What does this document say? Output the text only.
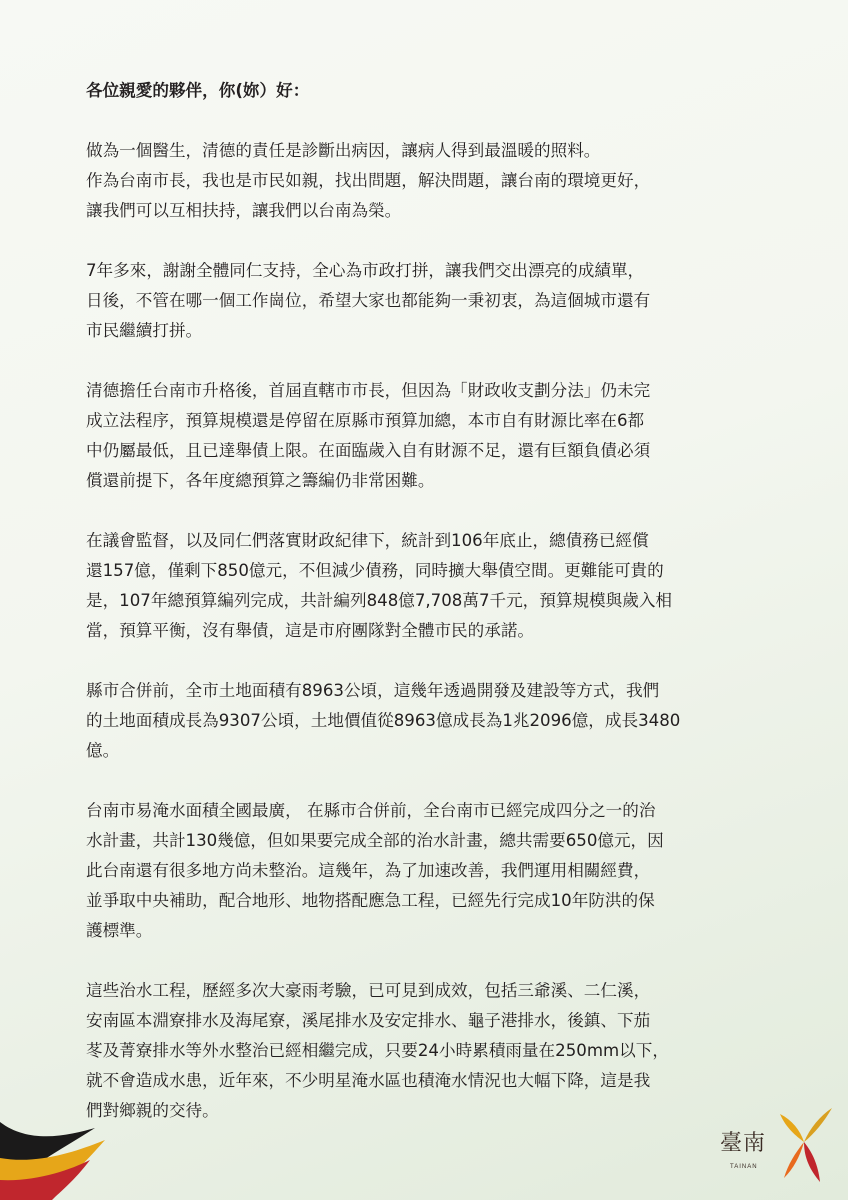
各位親愛的夥伴，你(妳）好：

做為一個醫生，清德的責任是診斷出病因，讓病人得到最溫暖的照料。
作為台南市長，我也是市民如親，找出問題，解決問題，讓台南的環境更好，
讓我們可以互相扶持，讓我們以台南為榮。

7年多來，謝謝全體同仁支持，全心為市政打拼，讓我們交出漂亮的成績單，
日後，不管在哪一個工作崗位，希望大家也都能夠一秉初衷，為這個城市還有
市民繼續打拼。

清德擔任台南市升格後，首屆直轄市市長，但因為「財政收支劃分法」仍未完
成立法程序，預算規模還是停留在原縣市預算加總，本市自有財源比率在6都
中仍屬最低，且已達舉債上限。在面臨歲入自有財源不足，還有巨額負債必須
償還前提下，各年度總預算之籌編仍非常困難。

在議會監督，以及同仁們落實財政紀律下，統計到106年底止，總債務已經償
還157億，僅剩下850億元，不但減少債務，同時擴大舉債空間。更難能可貴的
是，107年總預算編列完成，共計編列848億7,708萬7千元，預算規模與歲入相
當，預算平衡，沒有舉債，這是市府團隊對全體市民的承諾。

縣市合併前，全市土地面積有8963公頃，這幾年透過開發及建設等方式，我們
的土地面積成長為9307公頃，土地價值從8963億成長為1兆2096億，成長3480
億。

台南市易淹水面積全國最廣， 在縣市合併前，全台南市已經完成四分之一的治
水計畫，共計130幾億，但如果要完成全部的治水計畫，總共需要650億元，因
此台南還有很多地方尚未整治。這幾年，為了加速改善，我們運用相關經費，
並爭取中央補助，配合地形、地物搭配應急工程，已經先行完成10年防洪的保
護標準。

這些治水工程，歷經多次大豪雨考驗，已可見到成效，包括三爺溪、二仁溪，
安南區本淵寮排水及海尾寮，溪尾排水及安定排水、龜子港排水，後鎮、下茄
苳及菁寮排水等外水整治已經相繼完成，只要24小時累積雨量在250mm以下，
就不會造成水患，近年來，不少明星淹水區也積淹水情況也大幅下降，這是我
們對鄉親的交待。

臺南
TAINAN
